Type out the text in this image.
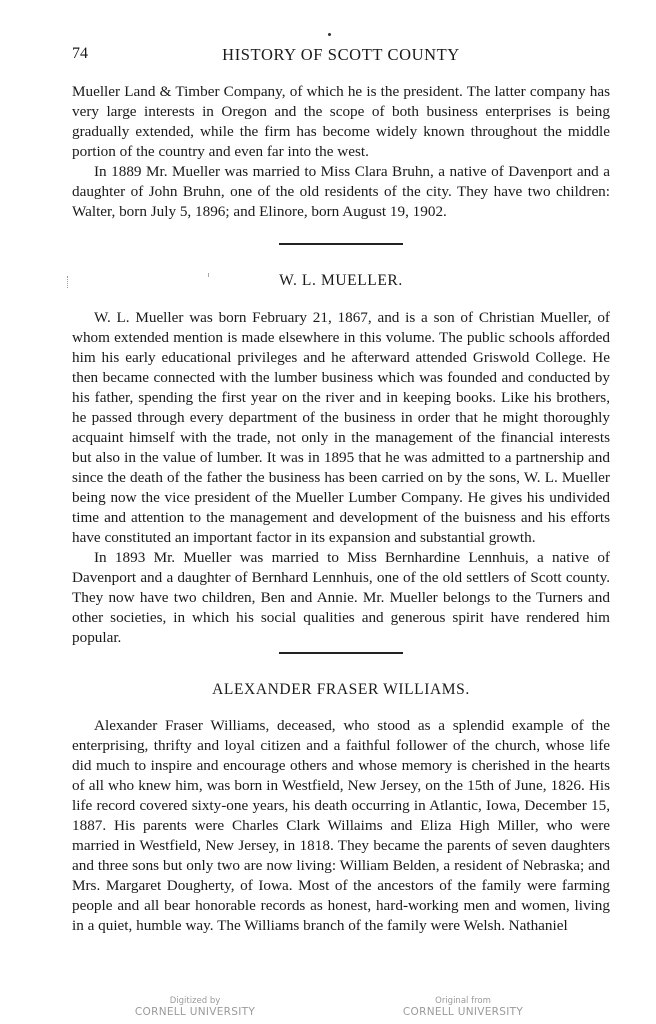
74	HISTORY OF SCOTT COUNTY

Mueller Land & Timber Company, of which he is the president. The latter company has very large interests in Oregon and the scope of both business enterprises is being gradually extended, while the firm has become widely known throughout the middle portion of the country and even far into the west.

In 1889 Mr. Mueller was married to Miss Clara Bruhn, a native of Davenport and a daughter of John Bruhn, one of the old residents of the city. They have two children: Walter, born July 5, 1896; and Elinore, born August 19, 1902.

W. L. MUELLER.

W. L. Mueller was born February 21, 1867, and is a son of Christian Mueller, of whom extended mention is made elsewhere in this volume. The public schools afforded him his early educational privileges and he afterward attended Griswold College. He then became connected with the lumber business which was founded and conducted by his father, spending the first year on the river and in keeping books. Like his brothers, he passed through every department of the business in order that he might thoroughly acquaint himself with the trade, not only in the management of the financial interests but also in the value of lumber. It was in 1895 that he was admitted to a partnership and since the death of the father the business has been carried on by the sons, W. L. Mueller being now the vice president of the Mueller Lumber Company. He gives his undivided time and attention to the management and development of the buisness and his efforts have constituted an important factor in its expansion and substantial growth.

In 1893 Mr. Mueller was married to Miss Bernhardine Lennhuis, a native of Davenport and a daughter of Bernhard Lennhuis, one of the old settlers of Scott county. They now have two children, Ben and Annie. Mr. Mueller belongs to the Turners and other societies, in which his social qualities and generous spirit have rendered him popular.

ALEXANDER FRASER WILLIAMS.

Alexander Fraser Williams, deceased, who stood as a splendid example of the enterprising, thrifty and loyal citizen and a faithful follower of the church, whose life did much to inspire and encourage others and whose memory is cherished in the hearts of all who knew him, was born in Westfield, New Jersey, on the 15th of June, 1826. His life record covered sixty-one years, his death occurring in Atlantic, Iowa, December 15, 1887. His parents were Charles Clark Willaims and Eliza High Miller, who were married in Westfield, New Jersey, in 1818. They became the parents of seven daughters and three sons but only two are now living: William Belden, a resident of Nebraska; and Mrs. Margaret Dougherty, of Iowa. Most of the ancestors of the family were farming people and all bear honorable records as honest, hard-working men and women, living in a quiet, humble way. The Williams branch of the family were Welsh. Nathaniel

Digitized by
CORNELL UNIVERSITY
Original from
CORNELL UNIVERSITY
